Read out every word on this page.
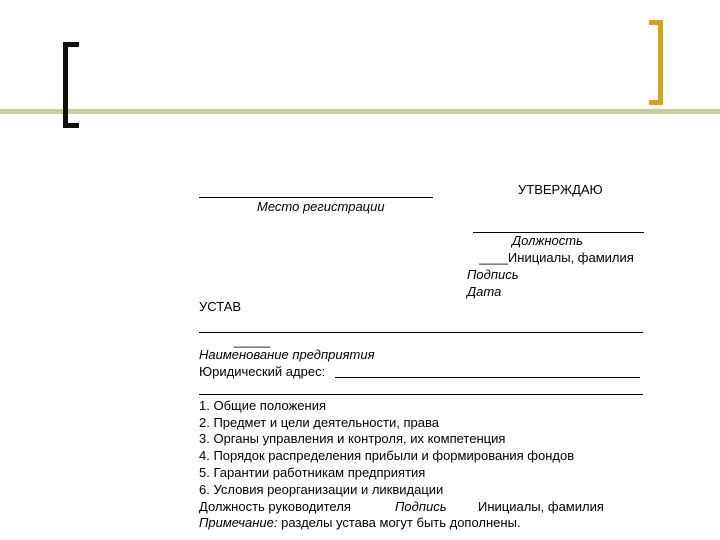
УТВЕРЖДАЮ
Место регистрации
Должность
____Инициалы, фамилия
Подпись
Дата
УСТАВ
_____
Наименование предприятия
Юридический адрес:
1. Общие положения
2. Предмет и цели деятельности, права
3. Органы управления и контроля, их компетенция
4. Порядок распределения прибыли и формирования фондов
5. Гарантии работникам предприятия
6. Условия реорганизации и ликвидации
Должность руководителя	Подпись Инициалы, фамилия
Примечание: разделы устава могут быть дополнены.
